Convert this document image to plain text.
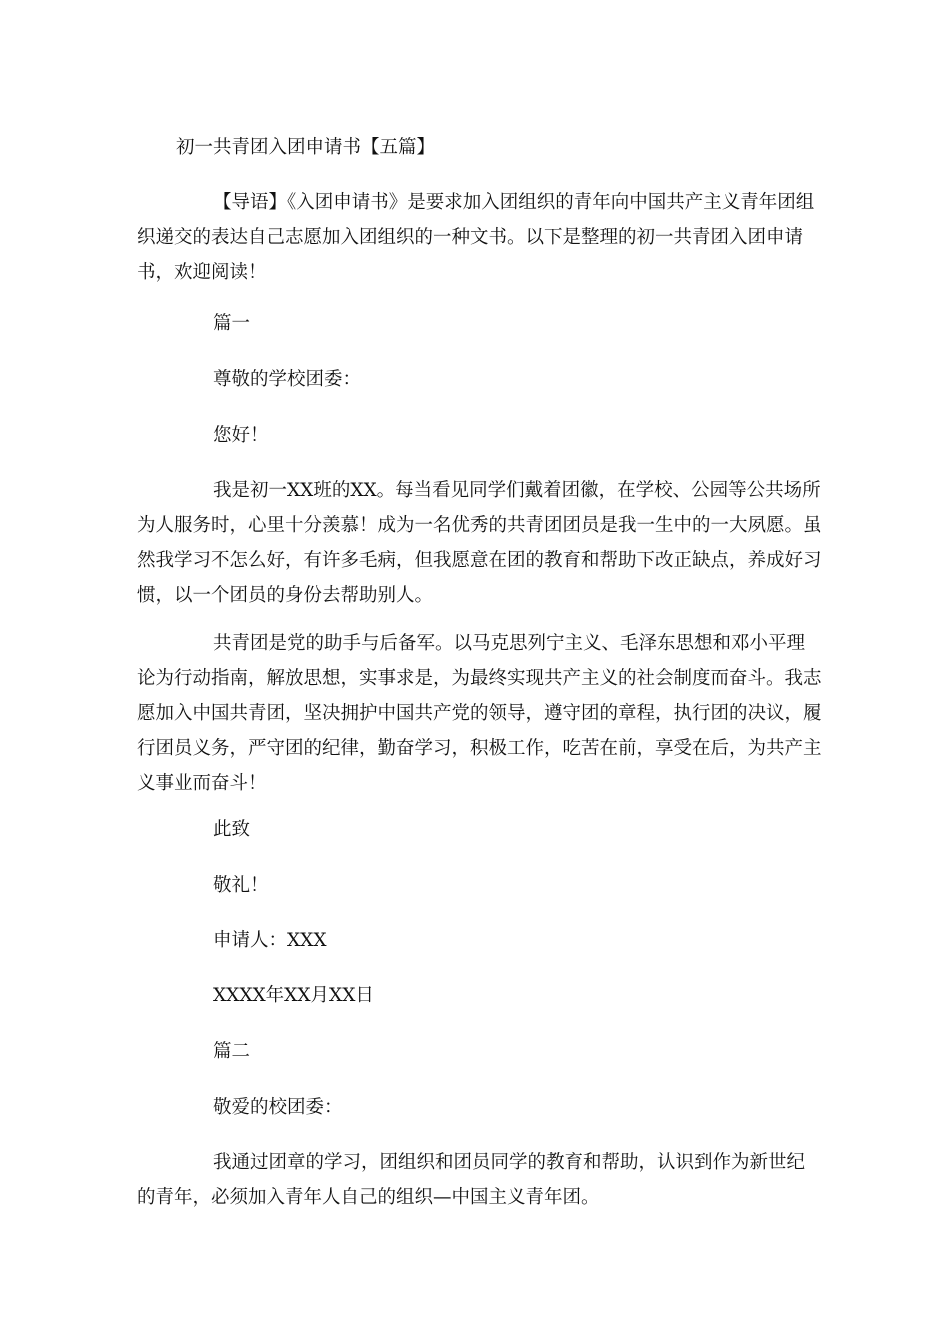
初一共青团入团申请书【五篇】

【导语】《入团申请书》是要求加入团组织的青年向中国共产主义青年团组织递交的表达自己志愿加入团组织的一种文书。以下是整理的初一共青团入团申请书，欢迎阅读！

篇一

尊敬的学校团委：

您好！

我是初一XX班的XX。每当看见同学们戴着团徽，在学校、公园等公共场所为人服务时，心里十分羡慕！成为一名优秀的共青团团员是我一生中的一大夙愿。虽然我学习不怎么好，有许多毛病，但我愿意在团的教育和帮助下改正缺点，养成好习惯，以一个团员的身份去帮助别人。

共青团是党的助手与后备军。以马克思列宁主义、毛泽东思想和邓小平理论为行动指南，解放思想，实事求是，为最终实现共产主义的社会制度而奋斗。我志愿加入中国共青团，坚决拥护中国共产党的领导，遵守团的章程，执行团的决议，履行团员义务，严守团的纪律，勤奋学习，积极工作，吃苦在前，享受在后，为共产主义事业而奋斗！

此致

敬礼！

申请人：XXX

XXXX年XX月XX日

篇二

敬爱的校团委：

我通过团章的学习，团组织和团员同学的教育和帮助，认识到作为新世纪的青年，必须加入青年人自己的组织—中国主义青年团。
